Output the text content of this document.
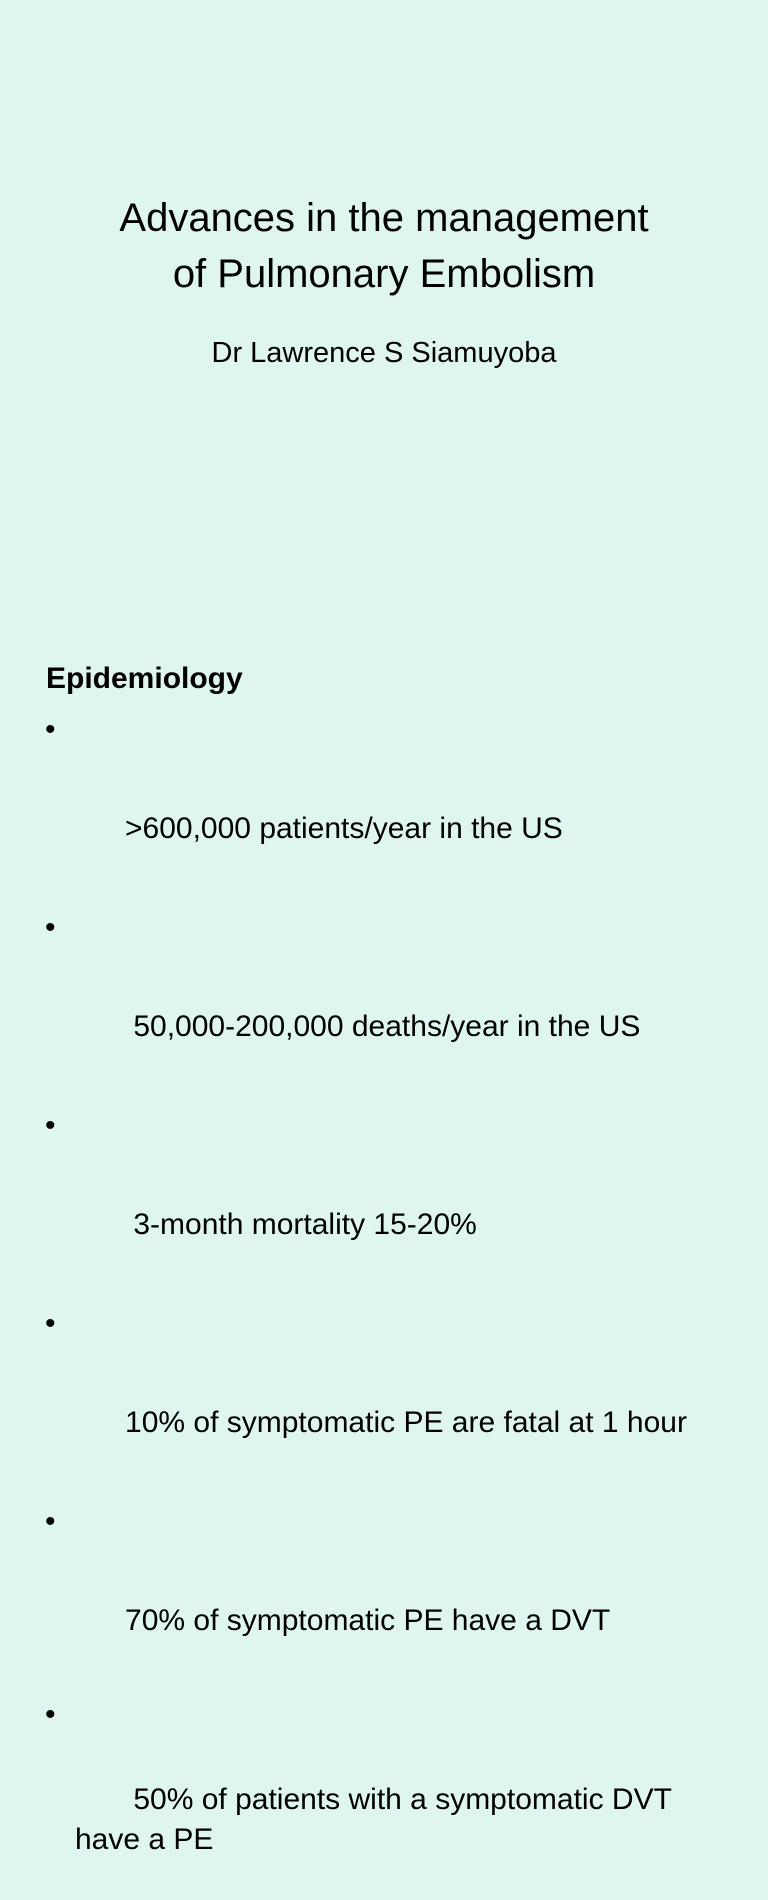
Advances in the management
of Pulmonary Embolism
Dr Lawrence S Siamuyoba
Epidemiology

•

>600,000 patients/year in the US

•

50,000-200,000 deaths/year in the US

•

3-month mortality 15-20%

•

10% of symptomatic PE are fatal at 1 hour

•

70% of symptomatic PE have a DVT

•

50% of patients with a symptomatic DVT have a PE
